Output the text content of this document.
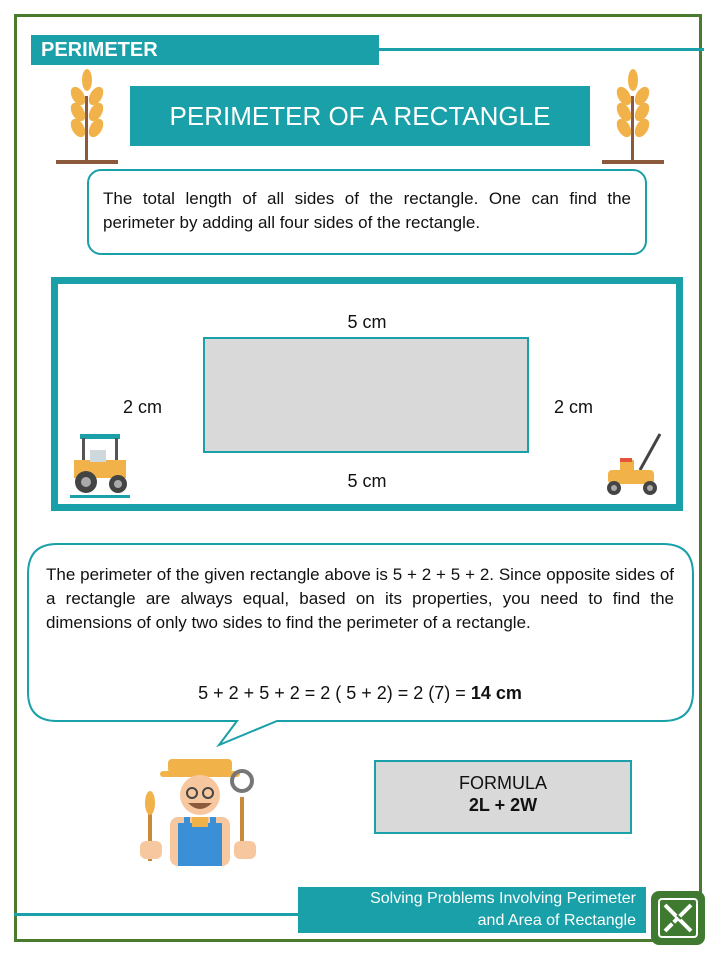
PERIMETER
PERIMETER OF A RECTANGLE
The total length of all sides of the rectangle. One can find the perimeter by adding all four sides of the rectangle.
5 cm
2 cm	2 cm
5 cm
The perimeter of the given rectangle above is 5 + 2 + 5 + 2. Since opposite sides of a rectangle are always equal, based on its properties, you need to find the dimensions of only two sides to find the perimeter of a rectangle.
5 + 2 + 5 + 2 = 2 ( 5 + 2) = 2 (7) = 14 cm
FORMULA
2L + 2W
Solving Problems Involving Perimeter
and Area of Rectangle
